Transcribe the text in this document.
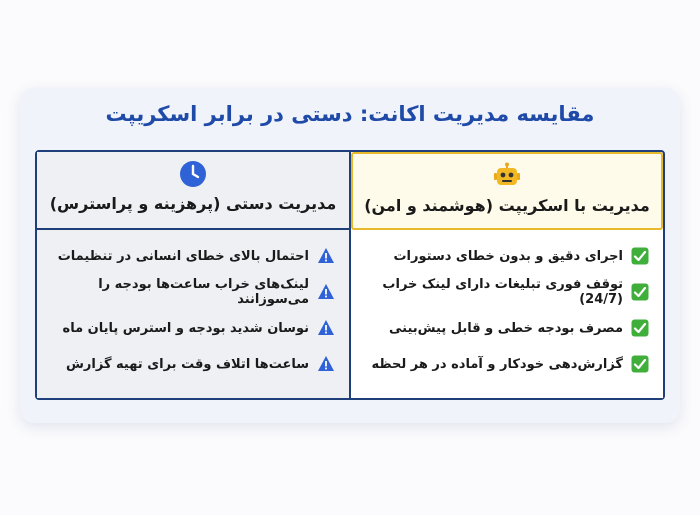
مقایسه مدیریت اکانت: دستی در برابر اسکریپت
مدیریت دستی (پرهزینه و پراسترس)
احتمال بالای خطای انسانی در تنظیمات
لینک‌های خراب ساعت‌ها بودجه را می‌سوزانند
نوسان شدید بودجه و استرس پایان ماه
ساعت‌ها اتلاف وقت برای تهیه گزارش
مدیریت با اسکریپت (هوشمند و امن)
اجرای دقیق و بدون خطای دستورات
توقف فوری تبلیغات دارای لینک خراب (24/7)
مصرف بودجه خطی و قابل پیش‌بینی
گزارش‌دهی خودکار و آماده در هر لحظه
